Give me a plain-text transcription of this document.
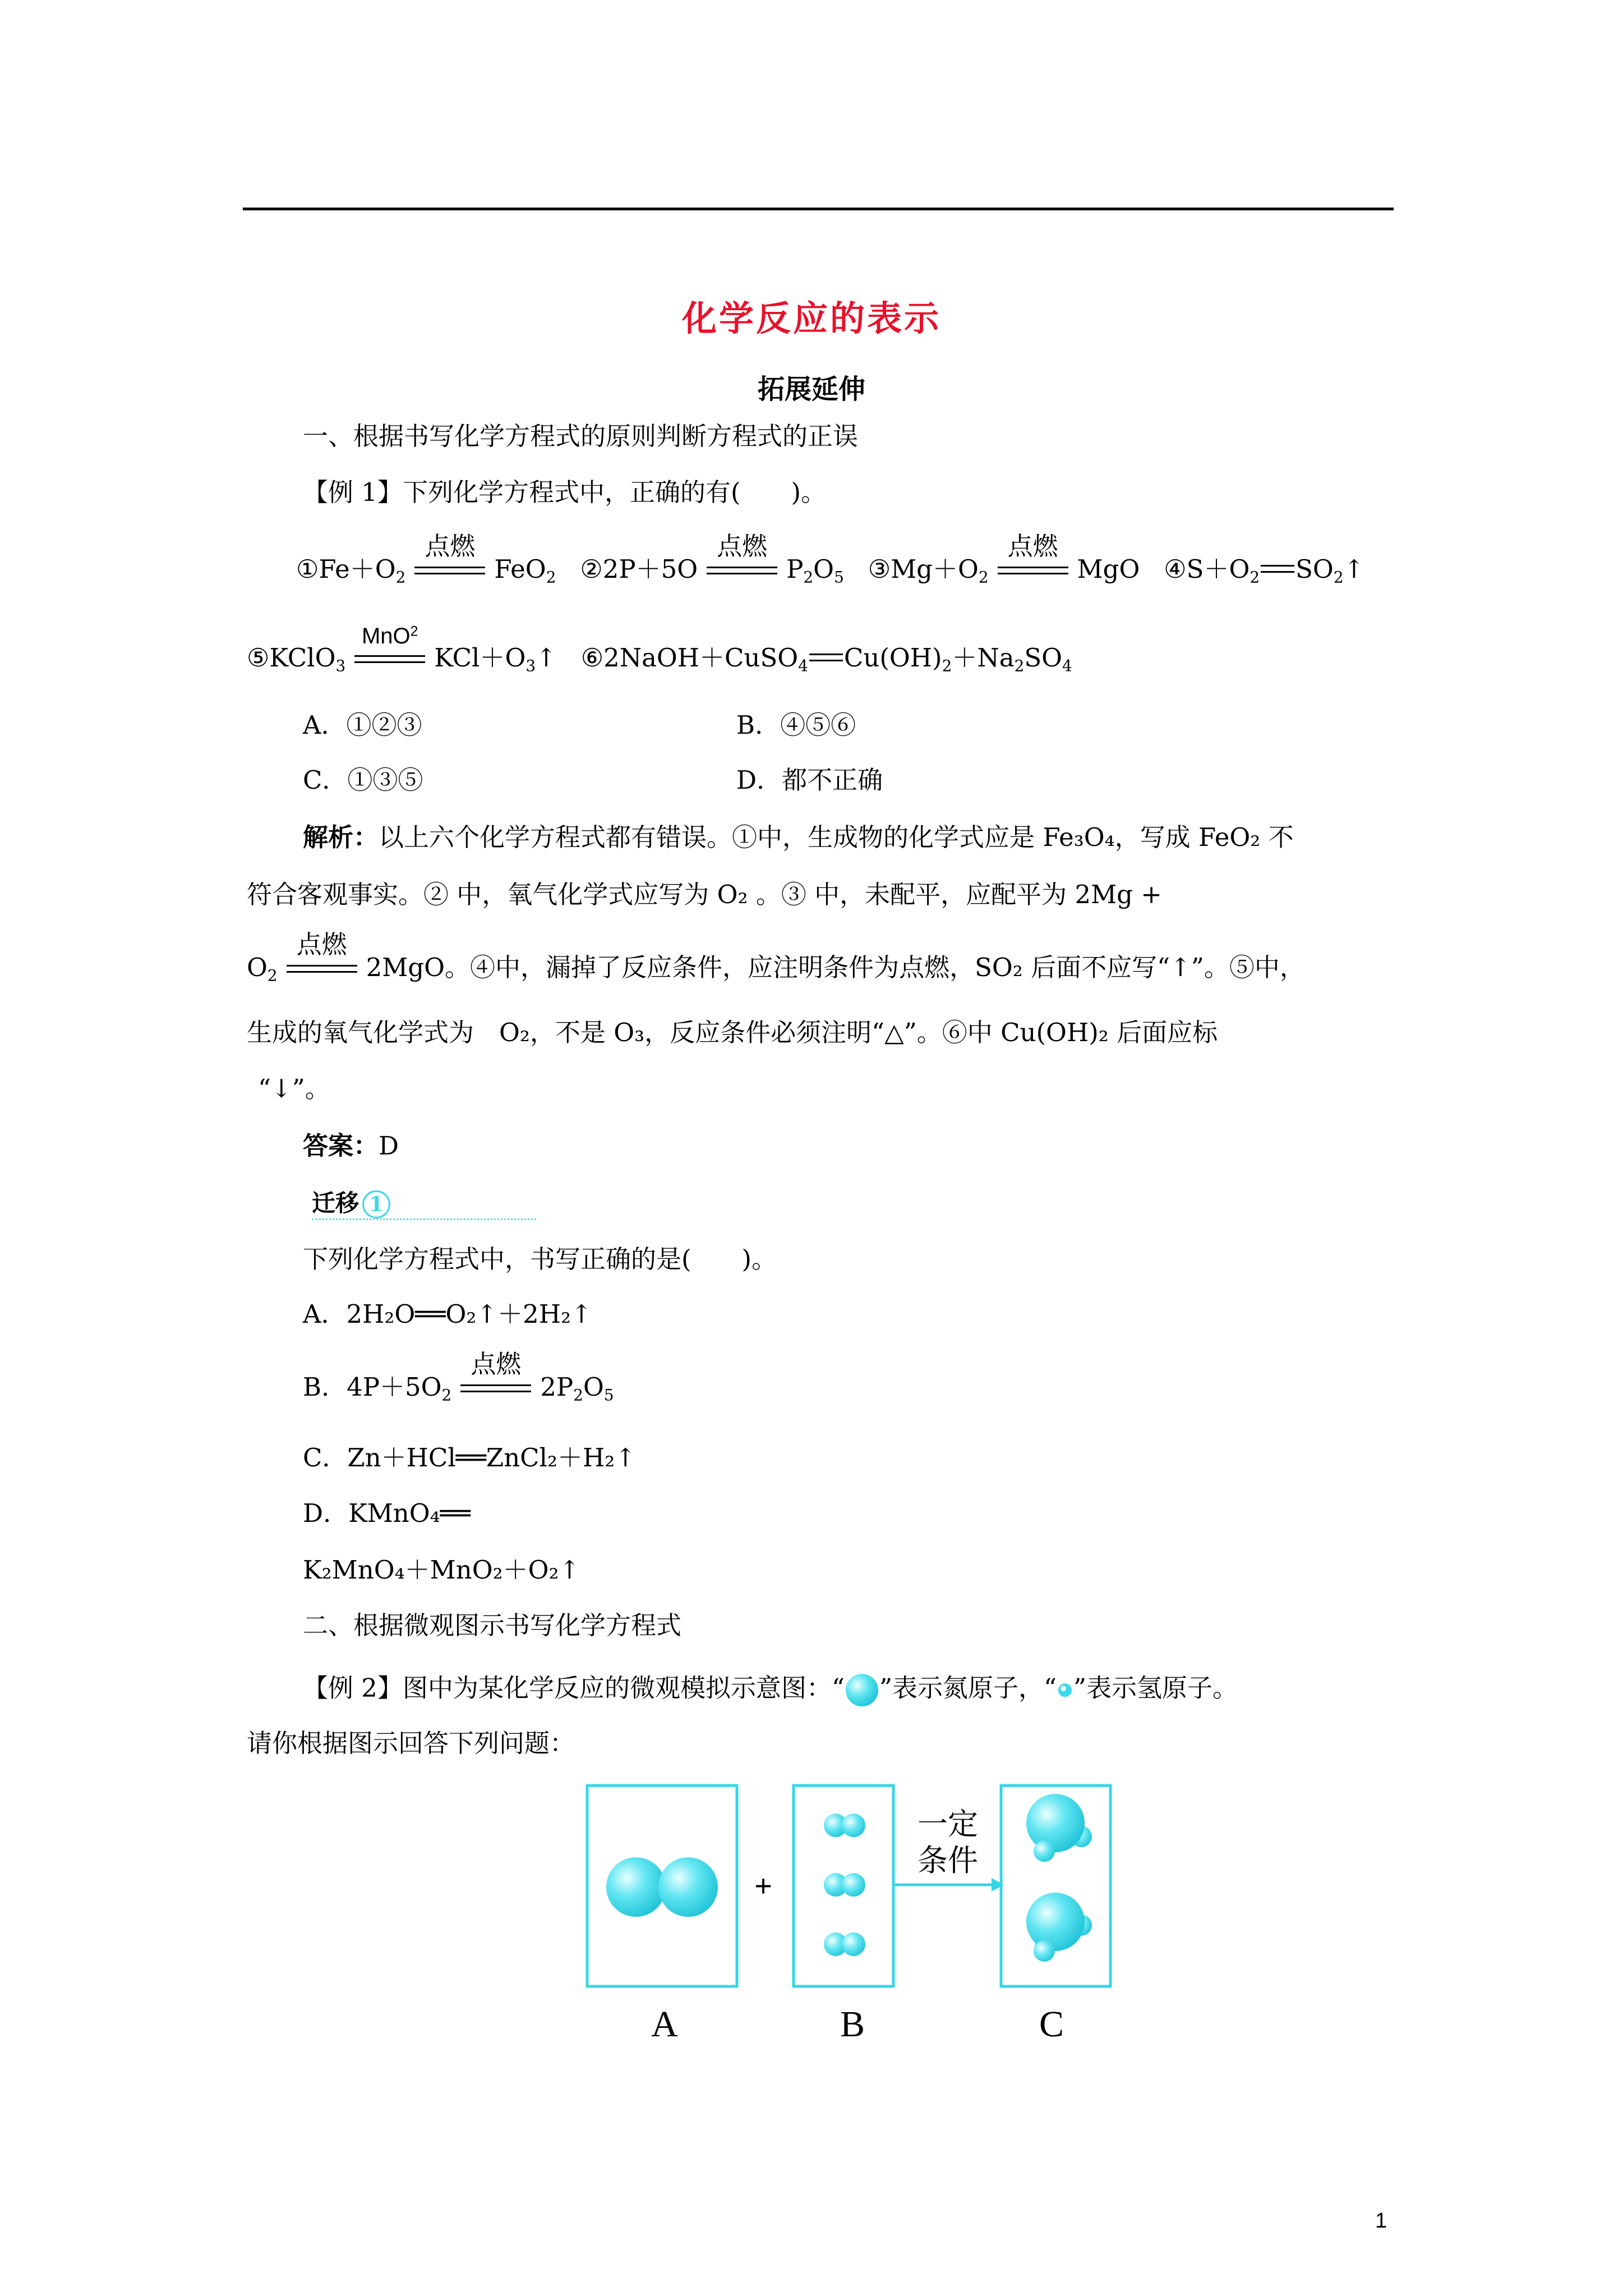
化学反应的表示
拓展延伸
一、根据书写化学方程式的原则判断方程式的正误
【例 1】下列化学方程式中，正确的有(　　)。
$①Fe+O_2$
点燃
FeO$_2$   ②2P＋5O
点燃
$P_2O_5$   $③Mg+O_2$
点燃
MgO   $④S+O_2$ $SO_2↑$
⑤KClO$_3$
MnO$^2$
$KCl+O_3↑$   ⑥2NaOH＋CuSO$_4$ $Cu(OH)_2+Na_2SO_4$
A．①②③	B．④⑤⑥
C．①③⑤	D．都不正确
解析：以上六个化学方程式都有错误。①中，生成物的化学式应是 Fe₃O₄，写成 FeO₂ 不
符合客观事实。② 中，氧气化学式应写为 O₂ 。③ 中，未配平，应配平为 2Mg +
$O_2$
点燃
2MgO。④中，漏掉了反应条件，应注明条件为点燃，SO₂ 后面不应写“↑”。⑤中，
生成的氧气化学式为　O₂，不是 O₃，反应条件必须注明“△”。⑥中 Cu(OH)₂ 后面应标
“↓”。
答案：D
迁移 1
下列化学方程式中，书写正确的是(　　)。
A．2H₂O══O₂↑＋2H₂↑
B．$4P+5O_2$
点燃
$2P_2O_5$
C．Zn＋HCl══ZnCl₂＋H₂↑
D．KMnO₄══
K₂MnO₄＋MnO₂＋O₂↑
二、根据微观图示书写化学方程式
【例 2】图中为某化学反应的微观模拟示意图：“ ”表示氮原子，“ ”表示氢原子。
请你根据图示回答下列问题：
+
一定
条件
A	B	C
1
